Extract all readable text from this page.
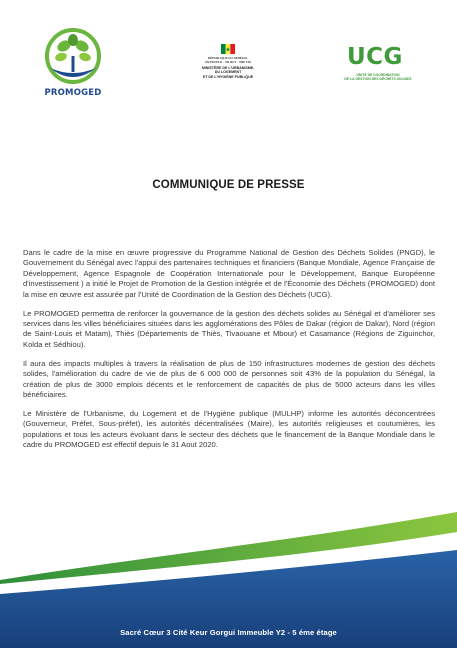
PROMOGED
RÉPUBLIQUE DU SÉNÉGAL
UN PEUPLE - UN BUT - UNE FOI
MINISTÈRE DE L'URBANISME,
DU LOGEMENT
ET DE L'HYGIÈNE PUBLIQUE
UCG
UNITÉ DE COORDINATION
DE LA GESTION DES DÉCHETS SOLIDES
COMMUNIQUE DE PRESSE

Dans le cadre de la mise en œuvre progressive du Programme National de Gestion des Déchets Solides (PNGD), le Gouvernement du Sénégal avec l'appui des partenaires techniques et financiers (Banque Mondiale, Agence Française de Développement, Agence Espagnole de Coopération Internationale pour le Développement, Banque Européenne d'investissement ) a initié le Projet de Promotion de la Gestion intégrée et de l'Économie des Déchets (PROMOGED) dont la mise en œuvre est assurée par l'Unité de Coordination de la Gestion des Déchets (UCG).

Le PROMOGED permettra de renforcer la gouvernance de la gestion des déchets solides au Sénégal et d'améliorer ses services dans les villes bénéficiaires situées dans les agglomérations des Pôles de Dakar (région de Dakar), Nord (région de Saint-Louis et Matam), Thiès (Départements de Thiès, Tivaouane et Mbour) et Casamance (Régions de Ziguinchor, Kolda et Sédhiou).

Il aura des impacts multiples à travers la réalisation de plus de 150 infrastructures modernes de gestion des déchets solides, l'amélioration du cadre de vie de plus de 6 000 000 de personnes soit 43% de la population du Sénégal, la création de plus de 3000 emplois décents et le renforcement de capacités de plus de 5000 acteurs dans les villes bénéficiaires.

Le Ministère de l'Urbanisme, du Logement et de l'Hygiène publique (MULHP) informe les autorités déconcentrées (Gouverneur, Préfet, Sous-préfet), les autorités décentralisées (Maire), les autorités religieuses et coutumières, les populations et tous les acteurs évoluant dans le secteur des déchets que le financement de la Banque Mondiale dans le cadre du PROMOGED est effectif depuis le 31 Aout 2020.

Sacré Cœur 3 Cité Keur Gorgui Immeuble Y2 - 5 éme étage
